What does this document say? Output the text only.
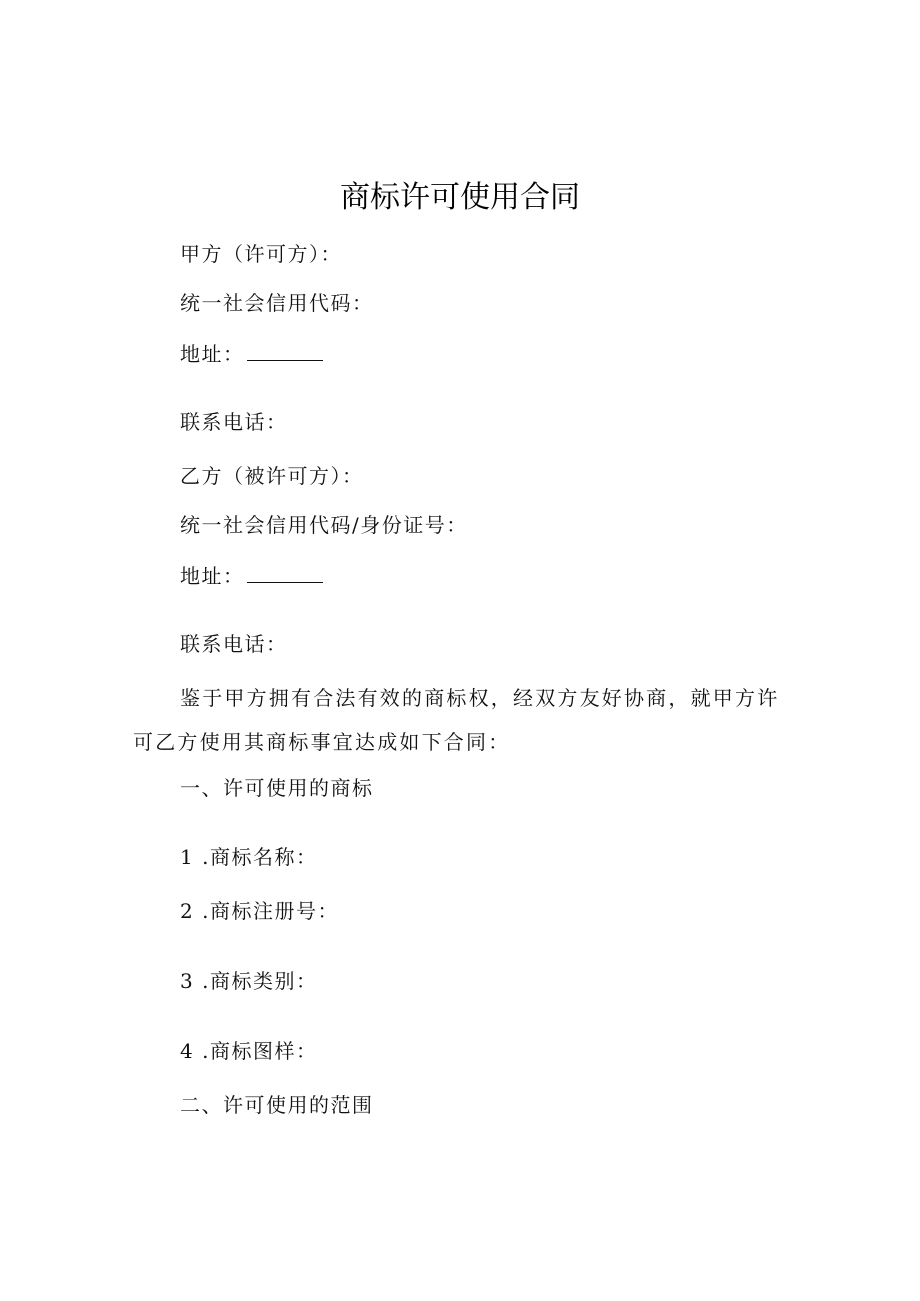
商标许可使用合同
甲方（许可方）：
统一社会信用代码：
地址：
联系电话：
乙方（被许可方）：
统一社会信用代码/身份证号：
地址：
联系电话：
鉴于甲方拥有合法有效的商标权，经双方友好协商，就甲方许可乙方使用其商标事宜达成如下合同：
一、许可使用的商标
1 .商标名称：
2 .商标注册号：
3 .商标类别：
4 .商标图样：
二、许可使用的范围
